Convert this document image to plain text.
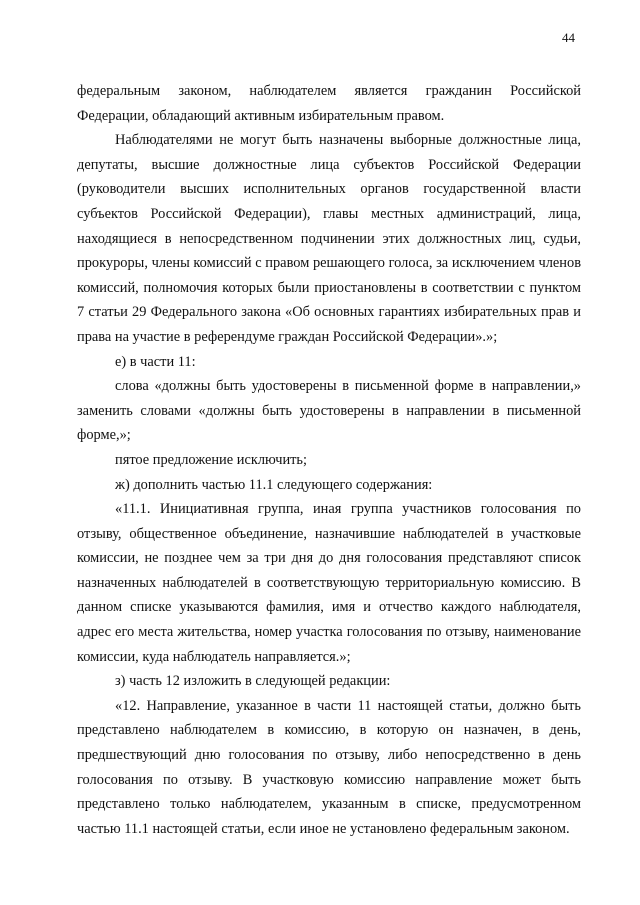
44

федеральным законом, наблюдателем является гражданин Российской Федерации, обладающий активным избирательным правом.

Наблюдателями не могут быть назначены выборные должностные лица, депутаты, высшие должностные лица субъектов Российской Федерации (руководители высших исполнительных органов государственной власти субъектов Российской Федерации), главы местных администраций, лица, находящиеся в непосредственном подчинении этих должностных лиц, судьи, прокуроры, члены комиссий с правом решающего голоса, за исключением членов комиссий, полномочия которых были приостановлены в соответствии с пунктом 7 статьи 29 Федерального закона «Об основных гарантиях избирательных прав и права на участие в референдуме граждан Российской Федерации».»;

е) в части 11:

слова «должны быть удостоверены в письменной форме в направлении,» заменить словами «должны быть удостоверены в направлении в письменной форме,»;

пятое предложение исключить;

ж) дополнить частью 11.1 следующего содержания:

«11.1. Инициативная группа, иная группа участников голосования по отзыву, общественное объединение, назначившие наблюдателей в участковые комиссии, не позднее чем за три дня до дня голосования представляют список назначенных наблюдателей в соответствующую территориальную комиссию. В данном списке указываются фамилия, имя и отчество каждого наблюдателя, адрес его места жительства, номер участка голосования по отзыву, наименование комиссии, куда наблюдатель направляется.»;

з) часть 12 изложить в следующей редакции:

«12. Направление, указанное в части 11 настоящей статьи, должно быть представлено наблюдателем в комиссию, в которую он назначен, в день, предшествующий дню голосования по отзыву, либо непосредственно в день голосования по отзыву. В участковую комиссию направление может быть представлено только наблюдателем, указанным в списке, предусмотренном частью 11.1 настоящей статьи, если иное не установлено федеральным законом.
